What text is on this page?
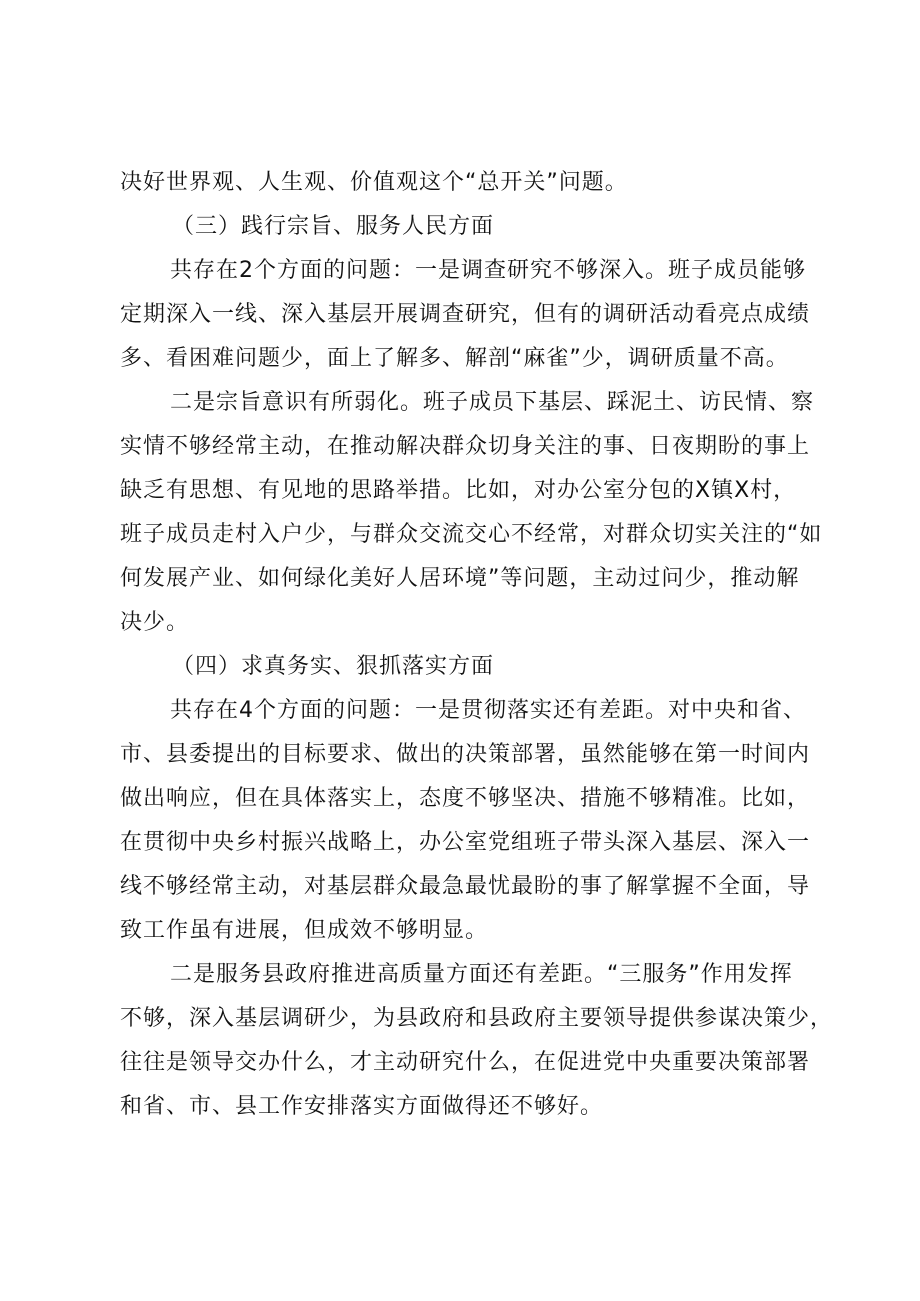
决好世界观、人生观、价值观这个“总开关”问题。
（三）践行宗旨、服务人民方面
共存在2个方面的问题：一是调查研究不够深入。班子成员能够
定期深入一线、深入基层开展调查研究，但有的调研活动看亮点成绩
多、看困难问题少，面上了解多、解剖“麻雀”少，调研质量不高。
二是宗旨意识有所弱化。班子成员下基层、踩泥土、访民情、察
实情不够经常主动，在推动解决群众切身关注的事、日夜期盼的事上
缺乏有思想、有见地的思路举措。比如，对办公室分包的X镇X村，
班子成员走村入户少，与群众交流交心不经常，对群众切实关注的“如
何发展产业、如何绿化美好人居环境”等问题，主动过问少，推动解
决少。
（四）求真务实、狠抓落实方面
共存在4个方面的问题：一是贯彻落实还有差距。对中央和省、
市、县委提出的目标要求、做出的决策部署，虽然能够在第一时间内
做出响应，但在具体落实上，态度不够坚决、措施不够精准。比如，
在贯彻中央乡村振兴战略上，办公室党组班子带头深入基层、深入一
线不够经常主动，对基层群众最急最忧最盼的事了解掌握不全面，导
致工作虽有进展，但成效不够明显。
二是服务县政府推进高质量方面还有差距。“三服务”作用发挥
不够，深入基层调研少，为县政府和县政府主要领导提供参谋决策少，
往往是领导交办什么，才主动研究什么，在促进党中央重要决策部署
和省、市、县工作安排落实方面做得还不够好。
